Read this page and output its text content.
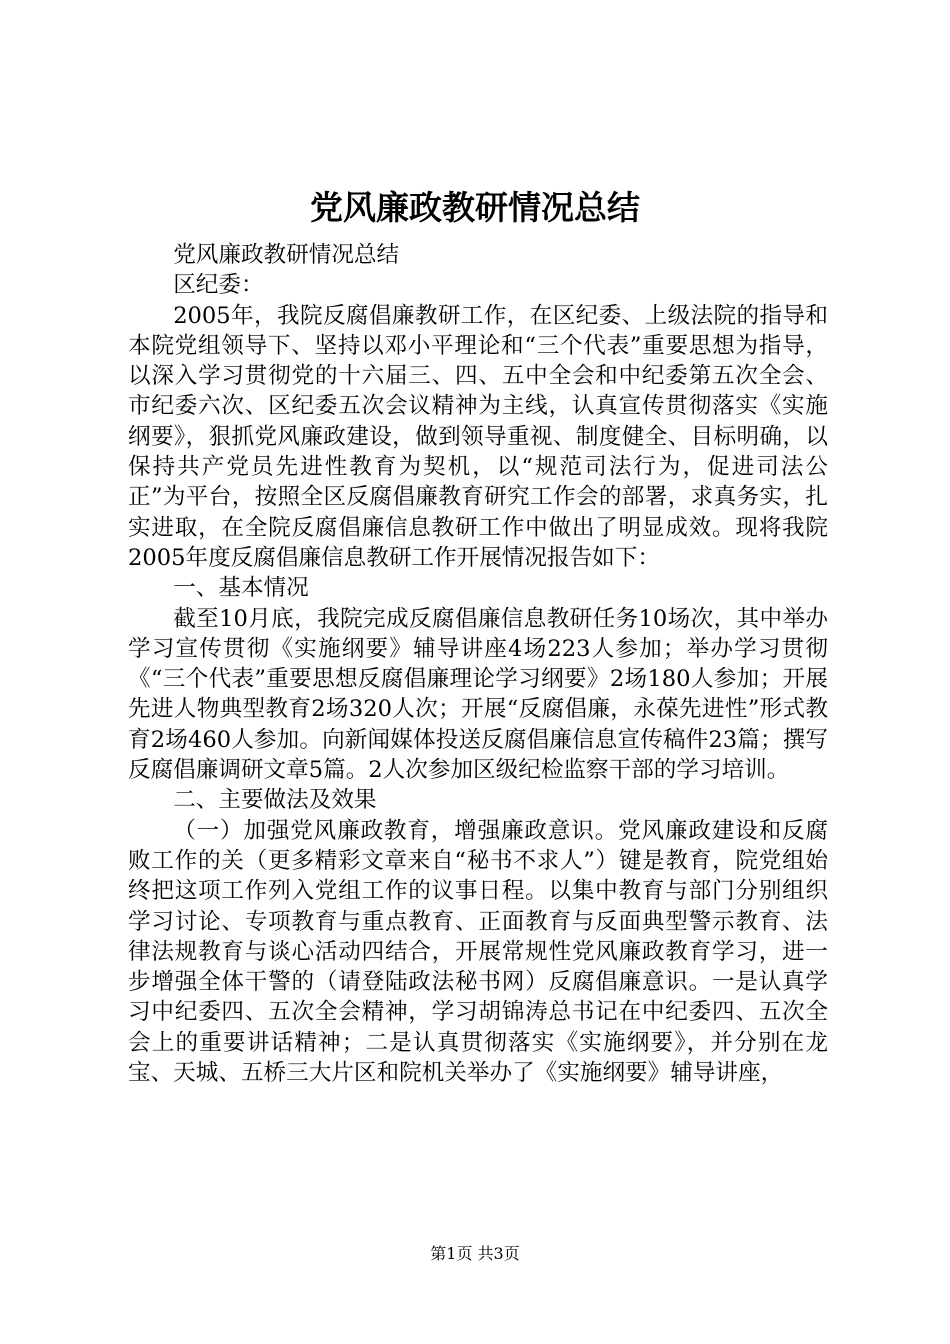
党风廉政教研情况总结

党风廉政教研情况总结

区纪委：

2005年，我院反腐倡廉教研工作，在区纪委、上级法院的指导和本院党组领导下、坚持以邓小平理论和“三个代表”重要思想为指导，以深入学习贯彻党的十六届三、四、五中全会和中纪委第五次全会、市纪委六次、区纪委五次会议精神为主线，认真宣传贯彻落实《实施纲要》，狠抓党风廉政建设，做到领导重视、制度健全、目标明确，以保持共产党员先进性教育为契机，以“规范司法行为，促进司法公正”为平台，按照全区反腐倡廉教育研究工作会的部署，求真务实，扎实进取，在全院反腐倡廉信息教研工作中做出了明显成效。现将我院2005年度反腐倡廉信息教研工作开展情况报告如下：

一、基本情况

截至10月底，我院完成反腐倡廉信息教研任务10场次，其中举办学习宣传贯彻《实施纲要》辅导讲座4场223人参加；举办学习贯彻《“三个代表”重要思想反腐倡廉理论学习纲要》2场180人参加；开展先进人物典型教育2场320人次；开展“反腐倡廉，永葆先进性”形式教育2场460人参加。向新闻媒体投送反腐倡廉信息宣传稿件23篇；撰写反腐倡廉调研文章5篇。2人次参加区级纪检监察干部的学习培训。

二、主要做法及效果

（一）加强党风廉政教育，增强廉政意识。党风廉政建设和反腐败工作的关（更多精彩文章来自“秘书不求人”）键是教育，院党组始终把这项工作列入党组工作的议事日程。以集中教育与部门分别组织学习讨论、专项教育与重点教育、正面教育与反面典型警示教育、法律法规教育与谈心活动四结合，开展常规性党风廉政教育学习，进一步增强全体干警的（请登陆政法秘书网）反腐倡廉意识。一是认真学习中纪委四、五次全会精神，学习胡锦涛总书记在中纪委四、五次全会上的重要讲话精神；二是认真贯彻落实《实施纲要》，并分别在龙宝、天城、五桥三大片区和院机关举办了《实施纲要》辅导讲座，

第1页 共3页
